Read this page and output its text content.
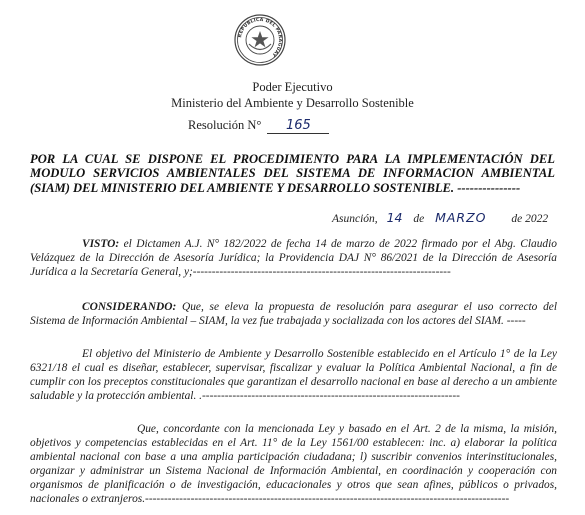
REPUBLICA DEL PARAGUAY
Poder Ejecutivo
Ministerio del Ambiente y Desarrollo Sostenible
Resolución N° 165
POR LA CUAL SE DISPONE EL PROCEDIMIENTO PARA LA IMPLEMENTACIÓN DEL MODULO SERVICIOS AMBIENTALES DEL SISTEMA DE INFORMACION AMBIENTAL (SIAM) DEL MINISTERIO DEL AMBIENTE Y DESARROLLO SOSTENIBLE. ---------------
Asunción, 14 de MARZO de 2022
VISTO: el Dictamen A.J. N° 182/2022 de fecha 14 de marzo de 2022 firmado por el Abg. Claudio Velázquez de la Dirección de Asesoría Jurídica; la Providencia DAJ N° 86/2021 de la Dirección de Asesoría Jurídica a la Secretaría General, y;--------------------------------------------------------------------
CONSIDERANDO: Que, se eleva la propuesta de resolución para asegurar el uso correcto del Sistema de Información Ambiental – SIAM, la vez fue trabajada y socializada con los actores del SIAM. -----
El objetivo del Ministerio de Ambiente y Desarrollo Sostenible establecido en el Artículo 1° de la Ley 6321/18 el cual es diseñar, establecer, supervisar, fiscalizar y evaluar la Política Ambiental Nacional, a fin de cumplir con los preceptos constitucionales que garantizan el desarrollo nacional en base al derecho a un ambiente saludable y la protección ambiental. .--------------------------------------------------------------------
Que, concordante con la mencionada Ley y basado en el Art. 2 de la misma, la misión, objetivos y competencias establecidas en el Art. 11° de la Ley 1561/00 establecen: inc. a) elaborar la política ambiental nacional con base a una amplia participación ciudadana; l) suscribir convenios interinstitucionales, organizar y administrar un Sistema Nacional de Información Ambiental, en coordinación y cooperación con organismos de planificación o de investigación, educacionales y otros que sean afines, públicos o privados, nacionales o extranjeros.------------------------------------------------------------------------------------------------
